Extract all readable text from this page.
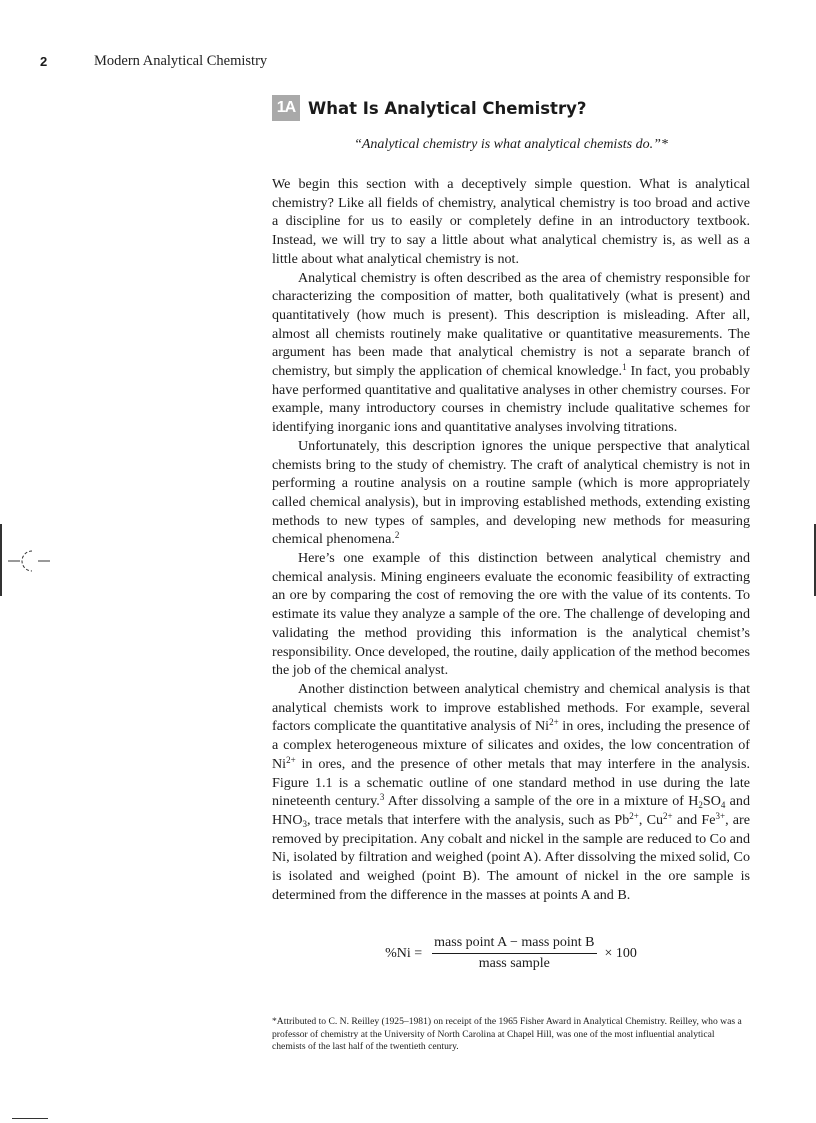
2	Modern Analytical Chemistry
1A What Is Analytical Chemistry?
“Analytical chemistry is what analytical chemists do.”*

We begin this section with a deceptively simple question. What is analytical chemistry? Like all fields of chemistry, analytical chemistry is too broad and active a discipline for us to easily or completely define in an introductory textbook. Instead, we will try to say a little about what analytical chemistry is, as well as a little about what analytical chemistry is not.

Analytical chemistry is often described as the area of chemistry responsible for characterizing the composition of matter, both qualitatively (what is present) and quantitatively (how much is present). This description is misleading. After all, almost all chemists routinely make qualitative or quantitative measurements. The argument has been made that analytical chemistry is not a separate branch of chemistry, but simply the application of chemical knowledge.$^1$ In fact, you probably have performed quantitative and qualitative analyses in other chemistry courses. For example, many introductory courses in chemistry include qualitative schemes for identifying inorganic ions and quantitative analyses involving titrations.

Unfortunately, this description ignores the unique perspective that analytical chemists bring to the study of chemistry. The craft of analytical chemistry is not in performing a routine analysis on a routine sample (which is more appropriately called chemical analysis), but in improving established methods, extending existing methods to new types of samples, and developing new methods for measuring chemical phenomena.$^2$

Here’s one example of this distinction between analytical chemistry and chemical analysis. Mining engineers evaluate the economic feasibility of extracting an ore by comparing the cost of removing the ore with the value of its contents. To estimate its value they analyze a sample of the ore. The challenge of developing and validating the method providing this information is the analytical chemist’s responsibility. Once developed, the routine, daily application of the method becomes the job of the chemical analyst.

Another distinction between analytical chemistry and chemical analysis is that analytical chemists work to improve established methods. For example, several factors complicate the quantitative analysis of $Ni^{2+}$ in ores, including the presence of a complex heterogeneous mixture of silicates and oxides, the low concentration of $Ni^{2+}$ in ores, and the presence of other metals that may interfere in the analysis. Figure 1.1 is a schematic outline of one standard method in use during the late nineteenth century.$^3$ After dissolving a sample of the ore in a mixture of $H_2SO_4$ and $HNO_3$, trace metals that interfere with the analysis, such as $Pb^{2+}$, $Cu^{2+}$ and $Fe^{3+}$, are removed by precipitation. Any cobalt and nickel in the sample are reduced to Co and Ni, isolated by filtration and weighed (point A). After dissolving the mixed solid, Co is isolated and weighed (point B). The amount of nickel in the ore sample is determined from the difference in the masses at points A and B.

$\%Ni = \frac{\text{mass point A − mass point B}}{\text{mass sample}} \times 100$
*Attributed to C. N. Reilley (1925–1981) on receipt of the 1965 Fisher Award in Analytical Chemistry. Reilley, who was a professor of chemistry at the University of North Carolina at Chapel Hill, was one of the most influential analytical chemists of the last half of the twentieth century.
